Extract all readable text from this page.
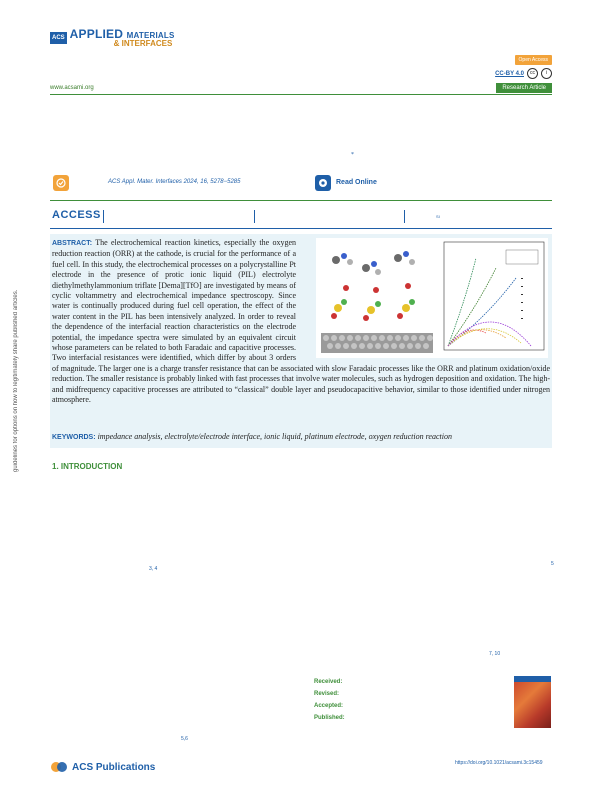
ACS APPLIED MATERIALS
& INTERFACES
Open Access
CC-BY 4.0	cc	i
www.acsami.org	Research Article
*
ACS Appl. Mater. Interfaces 2024, 16, 5278−5285	Read Online
ACCESS	SI
guidelines for options on how to legitimately share published articles.
ABSTRACT: The electrochemical reaction kinetics, especially the oxygen reduction reaction (ORR) at the cathode, is crucial for the performance of a fuel cell. In this study, the electrochemical processes on a polycrystalline Pt electrode in the presence of protic ionic liquid (PIL) electrolyte diethylmethylammonium triflate [Dema][TfO] are investigated by means of cyclic voltammetry and electrochemical impedance spectroscopy. Since water is continually produced during fuel cell operation, the effect of the water content in the PIL has been intensively analyzed. In order to reveal the dependence of the interfacial reaction characteristics on the electrode potential, the impedance spectra were simulated by an equivalent circuit whose parameters can be related to both Faradaic and capacitive processes. Two interfacial resistances were identified, which differ by about 3 orders of magnitude. The larger one is a charge transfer resistance that can be associated with slow Faradaic processes like the ORR and platinum oxidation/oxide reduction. The smaller resistance is probably linked with fast processes that involve water molecules, such as hydrogen deposition and oxidation. The high- and midfrequency capacitive processes are attributed to “classical” double layer and pseudocapacitive behavior, similar to those identified under nitrogen atmosphere.
KEYWORDS: impedance analysis, electrolyte/electrode interface, ionic liquid, platinum electrode, oxygen reduction reaction
1. INTRODUCTION
3, 4
5
7, 10
5,6
Received:
Revised:
Accepted:
Published:
ACS Publications	https://doi.org/10.1021/acsami.3c15459
